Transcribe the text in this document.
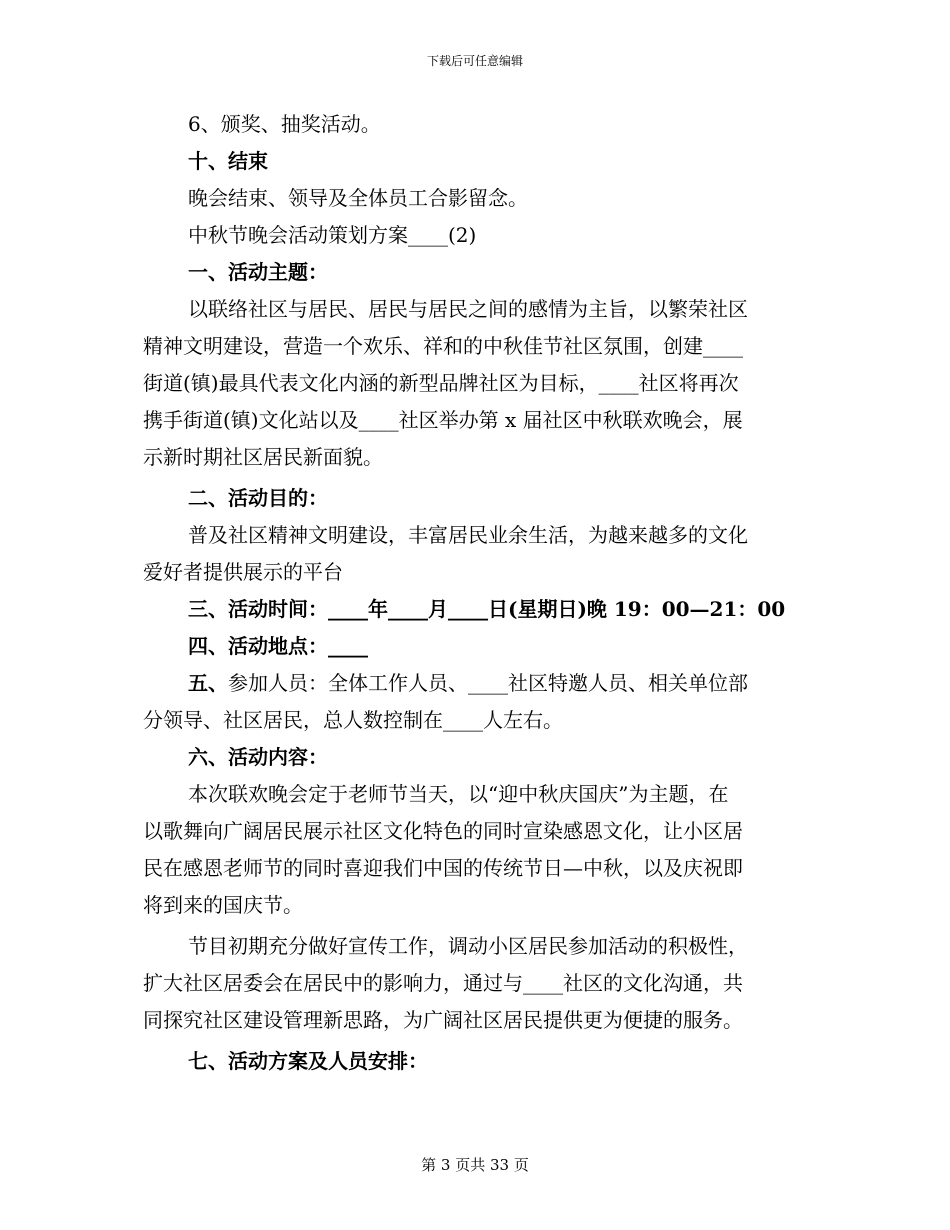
下载后可任意编辑

6、颁奖、抽奖活动。

十、结束

晚会结束、领导及全体员工合影留念。

中秋节晚会活动策划方案____(2)

一、活动主题：

以联络社区与居民、居民与居民之间的感情为主旨，以繁荣社区

精神文明建设，营造一个欢乐、祥和的中秋佳节社区氛围，创建____

街道(镇)最具代表文化内涵的新型品牌社区为目标，____社区将再次

携手街道(镇)文化站以及____社区举办第 x 届社区中秋联欢晚会，展

示新时期社区居民新面貌。

二、活动目的：

普及社区精神文明建设，丰富居民业余生活，为越来越多的文化

爱好者提供展示的平台

三、活动时间：____年____月____日(星期日)晚 19：00—21：00

四、活动地点：____

五、参加人员：全体工作人员、____社区特邀人员、相关单位部

分领导、社区居民，总人数控制在____人左右。

六、活动内容：

本次联欢晚会定于老师节当天，以“迎中秋庆国庆”为主题，在

以歌舞向广阔居民展示社区文化特色的同时宣染感恩文化，让小区居

民在感恩老师节的同时喜迎我们中国的传统节日—中秋，以及庆祝即

将到来的国庆节。

节目初期充分做好宣传工作，调动小区居民参加活动的积极性，

扩大社区居委会在居民中的影响力，通过与____社区的文化沟通，共

同探究社区建设管理新思路，为广阔社区居民提供更为便捷的服务。

七、活动方案及人员安排：

第 3 页共 33 页
